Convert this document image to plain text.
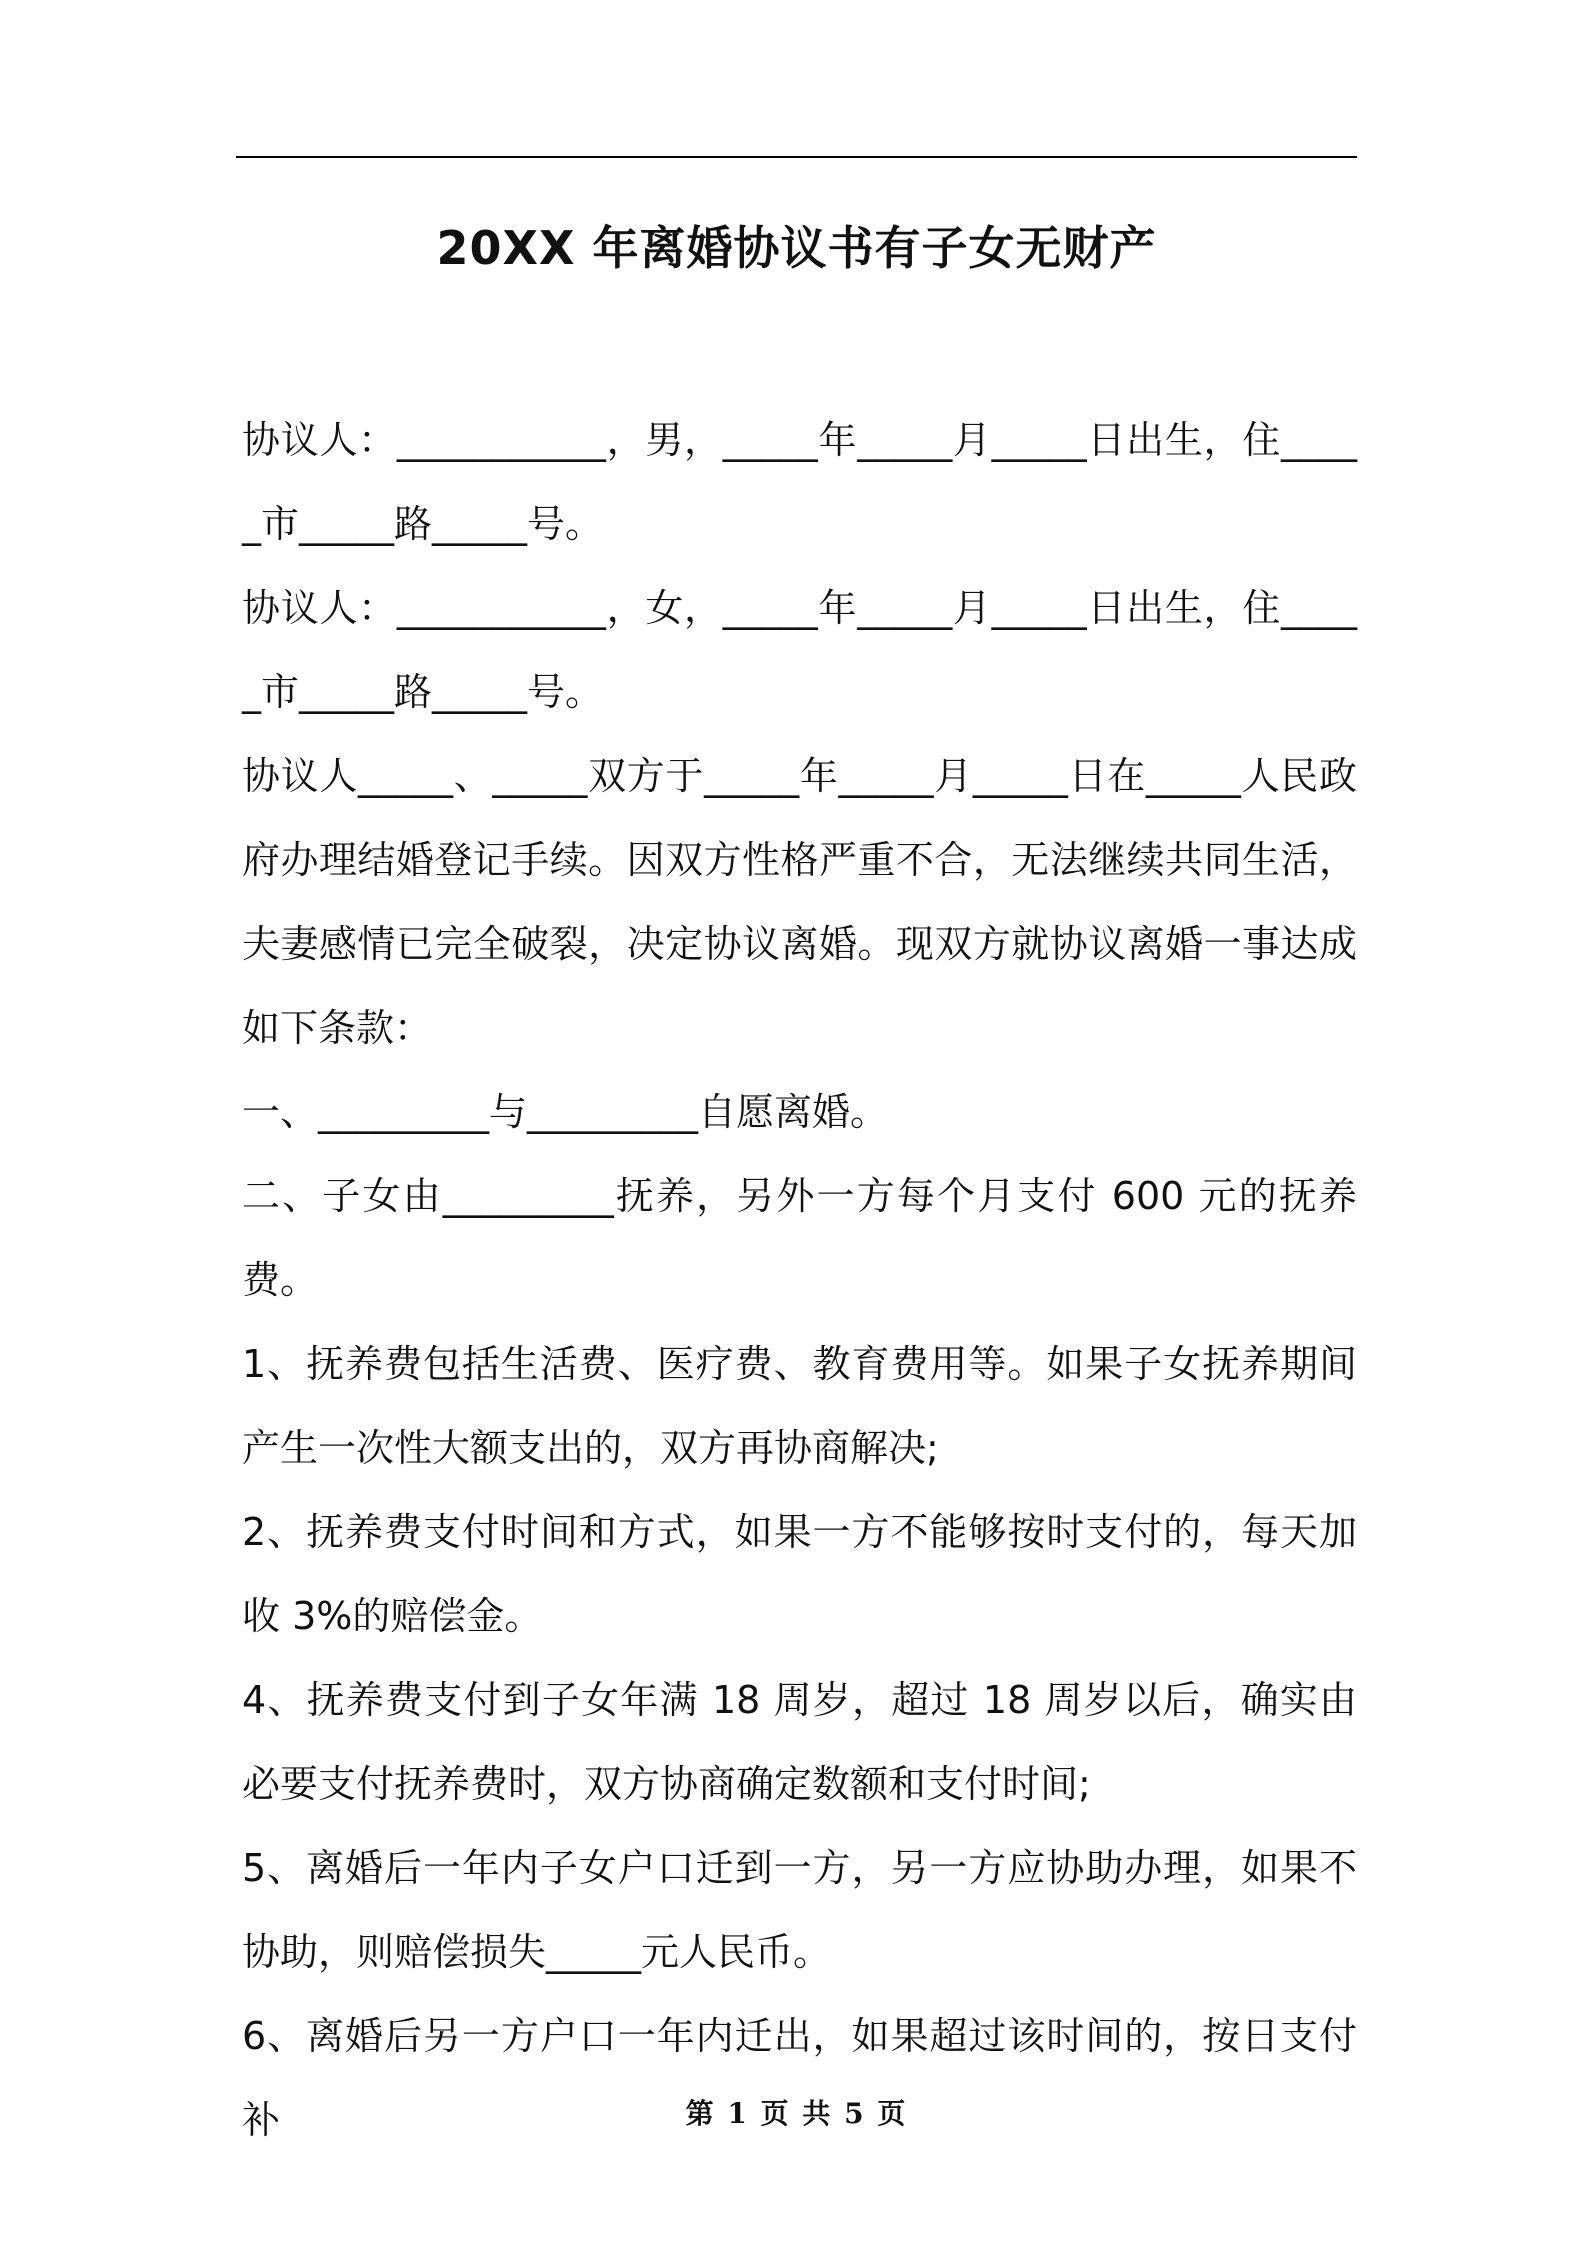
20XX 年离婚协议书有子女无财产

协议人：___________，男，_____年_____月_____日出生，住_____市_____路_____号。

协议人：___________，女，_____年_____月_____日出生，住_____市_____路_____号。

协议人_____、_____双方于_____年_____月_____日在_____人民政府办理结婚登记手续。因双方性格严重不合，无法继续共同生活，夫妻感情已完全破裂，决定协议离婚。现双方就协议离婚一事达成如下条款：

一、_________与_________自愿离婚。

二、子女由_________抚养，另外一方每个月支付 600 元的抚养费。

1、抚养费包括生活费、医疗费、教育费用等。如果子女抚养期间产生一次性大额支出的，双方再协商解决;

2、抚养费支付时间和方式，如果一方不能够按时支付的，每天加收 3%的赔偿金。

4、抚养费支付到子女年满 18 周岁，超过 18 周岁以后，确实由必要支付抚养费时，双方协商确定数额和支付时间;

5、离婚后一年内子女户口迁到一方，另一方应协助办理，如果不协助，则赔偿损失_____元人民币。

6、离婚后另一方户口一年内迁出，如果超过该时间的，按日支付补	第 1 页 共 5 页
